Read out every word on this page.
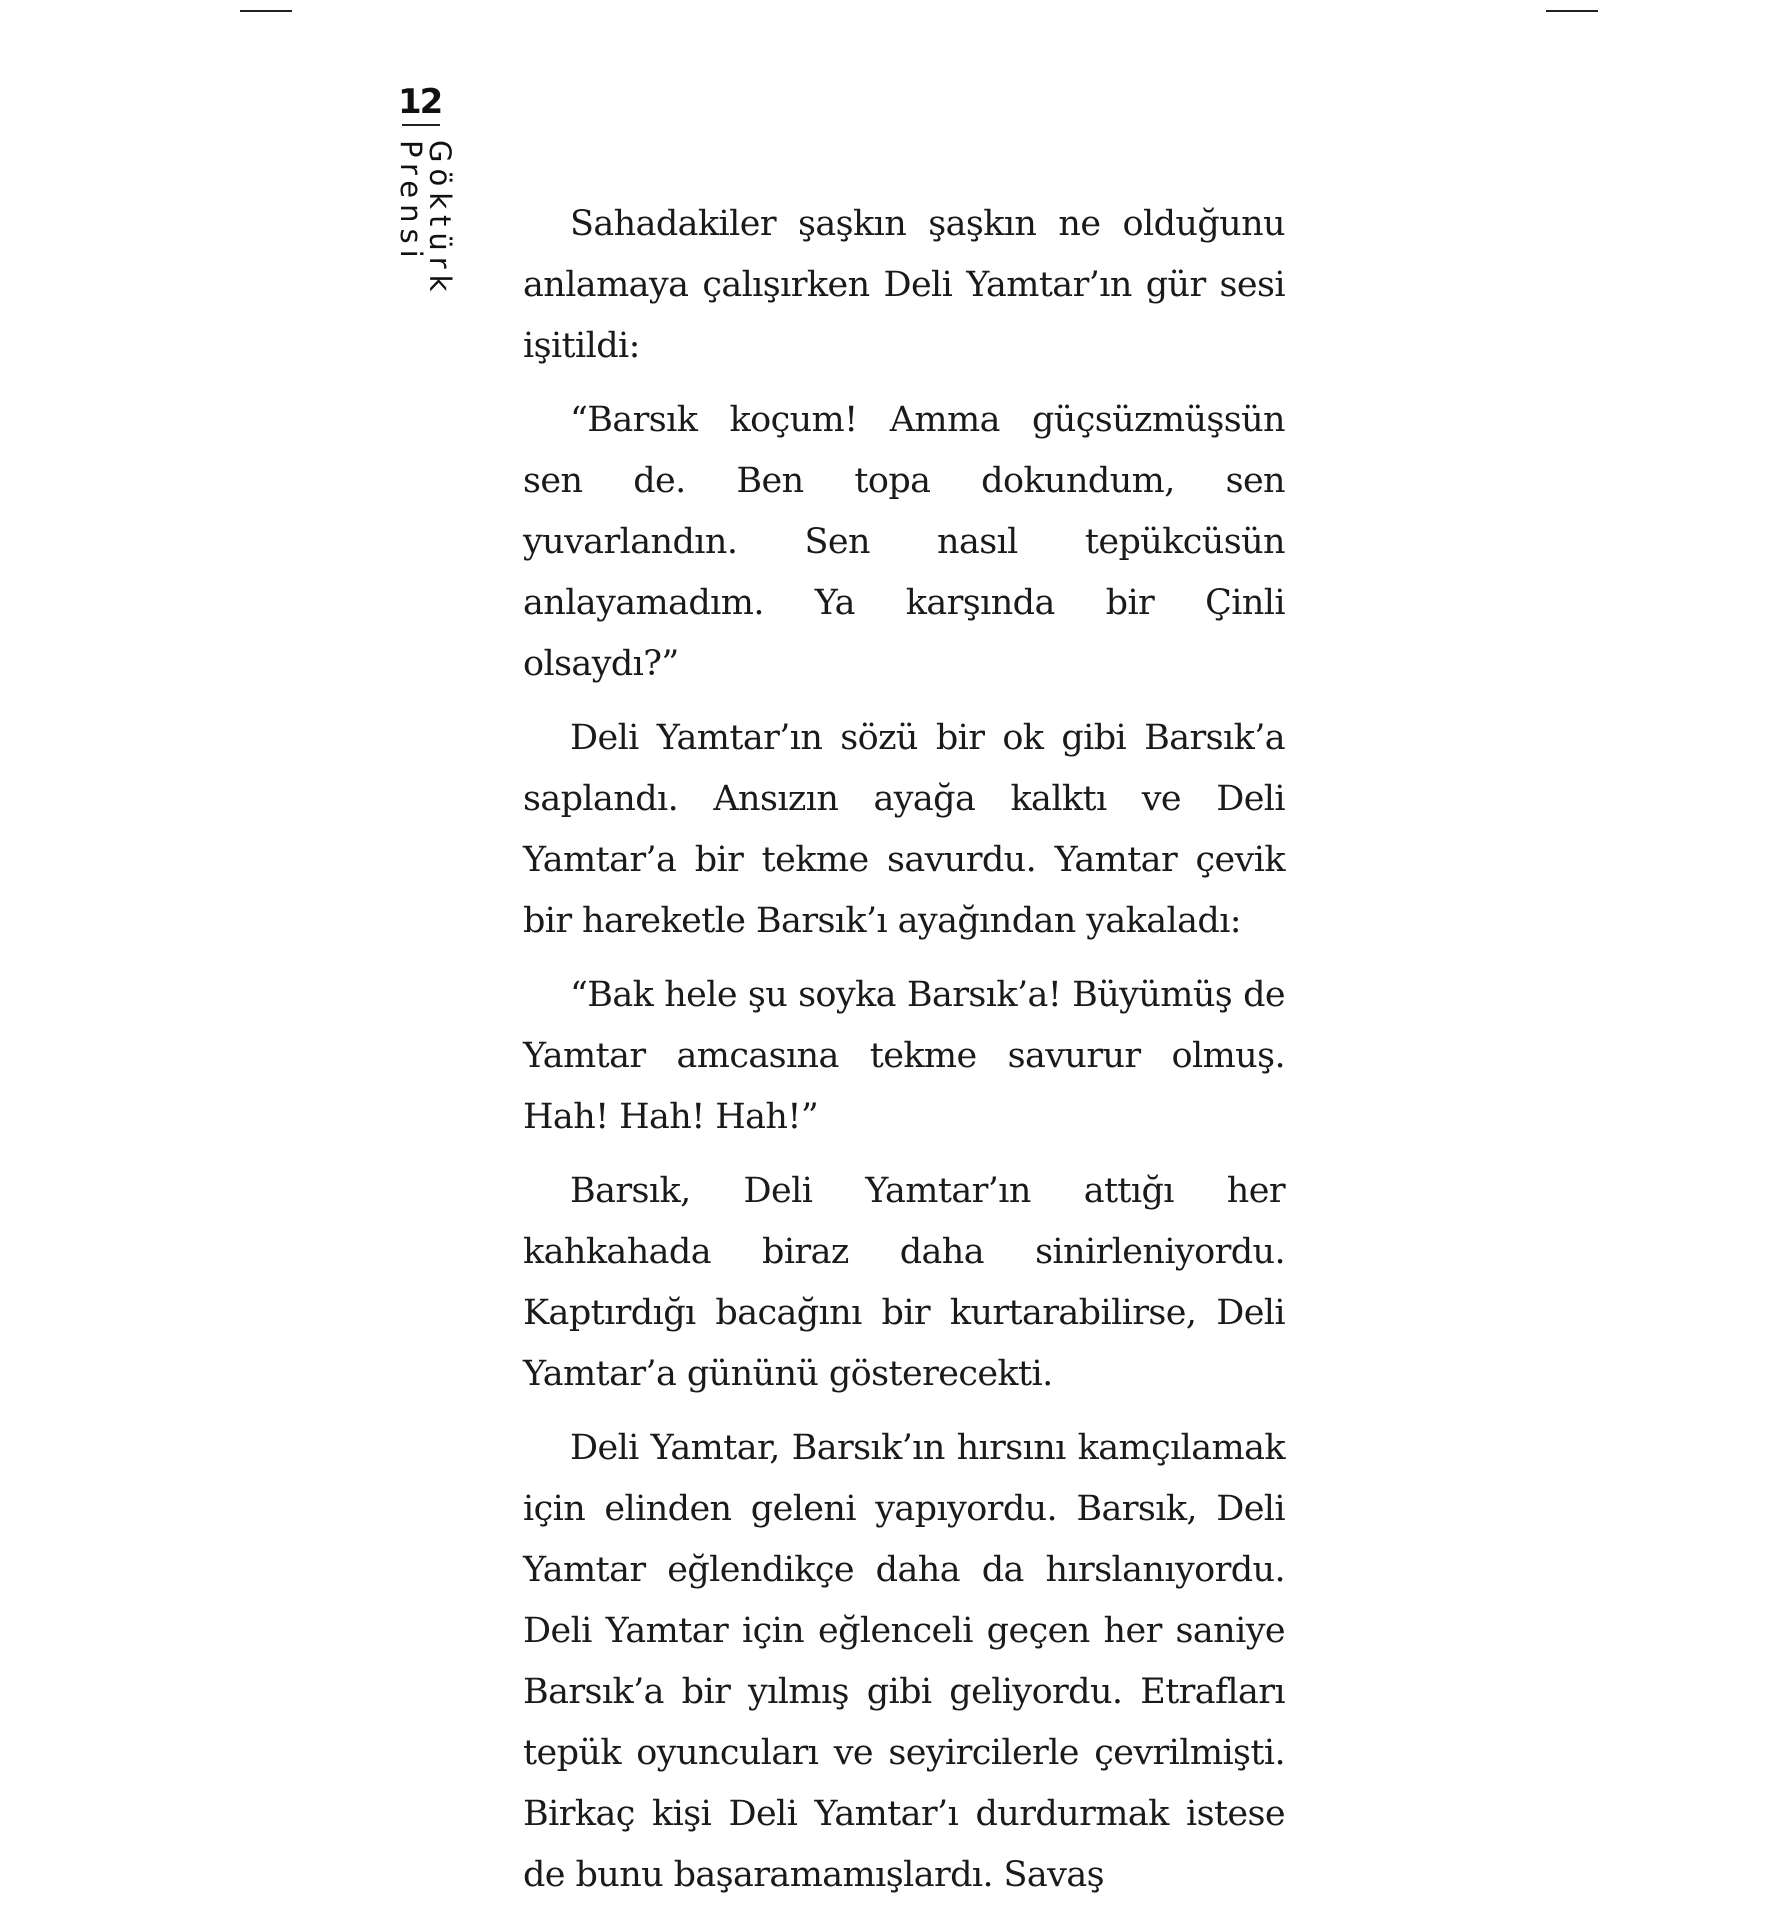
12
Göktürk Prensi	Sahadakiler şaşkın şaşkın ne olduğunu anlamaya çalışırken Deli Yamtar’ın gür sesi işitildi:

“Barsık koçum! Amma güçsüzmüşsün sen de. Ben topa dokundum, sen yuvarlandın. Sen nasıl tepükcüsün anlayamadım. Ya karşında bir Çinli olsaydı?”

Deli Yamtar’ın sözü bir ok gibi Barsık’a saplandı. Ansızın ayağa kalktı ve Deli Yamtar’a bir tekme savurdu. Yamtar çevik bir hareketle Barsık’ı ayağından yakaladı:

“Bak hele şu soyka Barsık’a! Büyümüş de Yamtar amcasına tekme savurur olmuş. Hah! Hah! Hah!”

Barsık, Deli Yamtar’ın attığı her kahkahada biraz daha sinirleniyordu. Kaptırdığı bacağını bir kurtarabilirse, Deli Yamtar’a gününü gösterecekti.

Deli Yamtar, Barsık’ın hırsını kamçılamak için elinden geleni yapıyordu. Barsık, Deli Yamtar eğlendikçe daha da hırslanıyordu. Deli Yamtar için eğlenceli geçen her saniye Barsık’a bir yılmış gibi geliyordu. Etrafları tepük oyuncuları ve seyircilerle çevrilmişti. Birkaç kişi Deli Yamtar’ı durdurmak istese de bunu başaramamışlardı. Savaş
